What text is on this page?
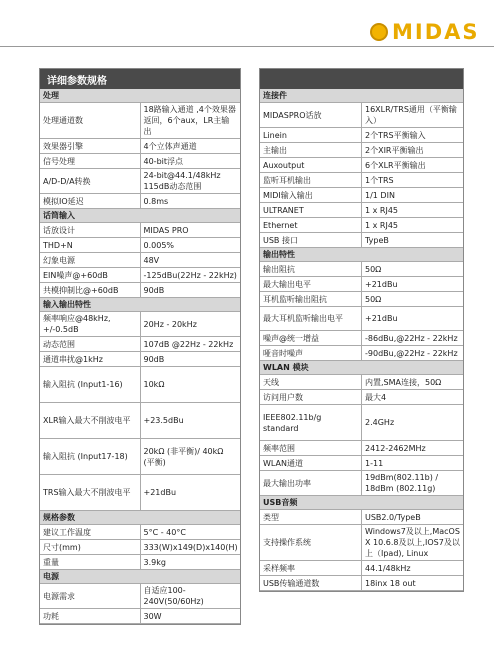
MIDAS
详细参数规格
处理	
处理通道数	18路输入通道 ,4个效果器返回，6个aux，LR主输出
效果器引擎	4个立体声通道
信号处理	40-bit浮点
A/D-D/A转换	24-bit@44.1/48kHz 115dB动态范围
模拟IO延迟	0.8ms
话筒输入	
话放设计	MIDAS PRO
THD+N	0.005%
幻象电源	48V
EIN噪声@+60dB	-125dBu(22Hz - 22kHz)
共模抑制比@+60dB	90dB
输入输出特性	
频率响应@48kHz, +/-0.5dB	20Hz - 20kHz
动态范围	107dB @22Hz - 22kHz
通道串扰@1kHz	90dB
输入阻抗 (Input1-16)	10kΩ
XLR输入最大不削波电平	+23.5dBu
输入阻抗 (Input17-18)	20kΩ (非平衡)/ 40kΩ (平衡)
TRS输入最大不削波电平	+21dBu
规格参数	
建议工作温度	5°C - 40°C
尺寸(mm)	333(W)x149(D)x140(H)
重量	3.9kg
电源	
电源需求	自适应100-240V(50/60Hz)
功耗	30W
连接件	
MIDASPRO话放	16XLR/TRS通用（平衡输入）
Linein	2个TRS平衡输入
主输出	2个XIR平衡输出
Auxoutput	6个XLR平衡输出
监听耳机输出	1个TRS
MIDI输入输出	1/1 DIN
ULTRANET	1 x RJ45
Ethernet	1 x RJ45
USB 接口	TypeB
输出特性	
输出阻抗	50Ω
最大输出电平	+21dBu
耳机监听输出阻抗	50Ω
最大耳机监听输出电平	+21dBu
噪声@统一增益	-86dBu,@22Hz - 22kHz
哑音时噪声	-90dBu,@22Hz - 22kHz
WLAN 模块	
天线	内置,SMA连接，50Ω
访问用户数	最大4
IEEE802.11b/g standard	2.4GHz
频率范围	2412-2462MHz
WLAN通道	1-11
最大输出功率	19dBm(802.11b) / 18dBm (802.11g)
USB音频	
类型	USB2.0/TypeB
支持操作系统	Windows7及以上,MacOS X 10.6.8及以上,IOS7及以上（Ipad), Linux
采样频率	44.1/48kHz
USB传输通道数	18inx 18 out
